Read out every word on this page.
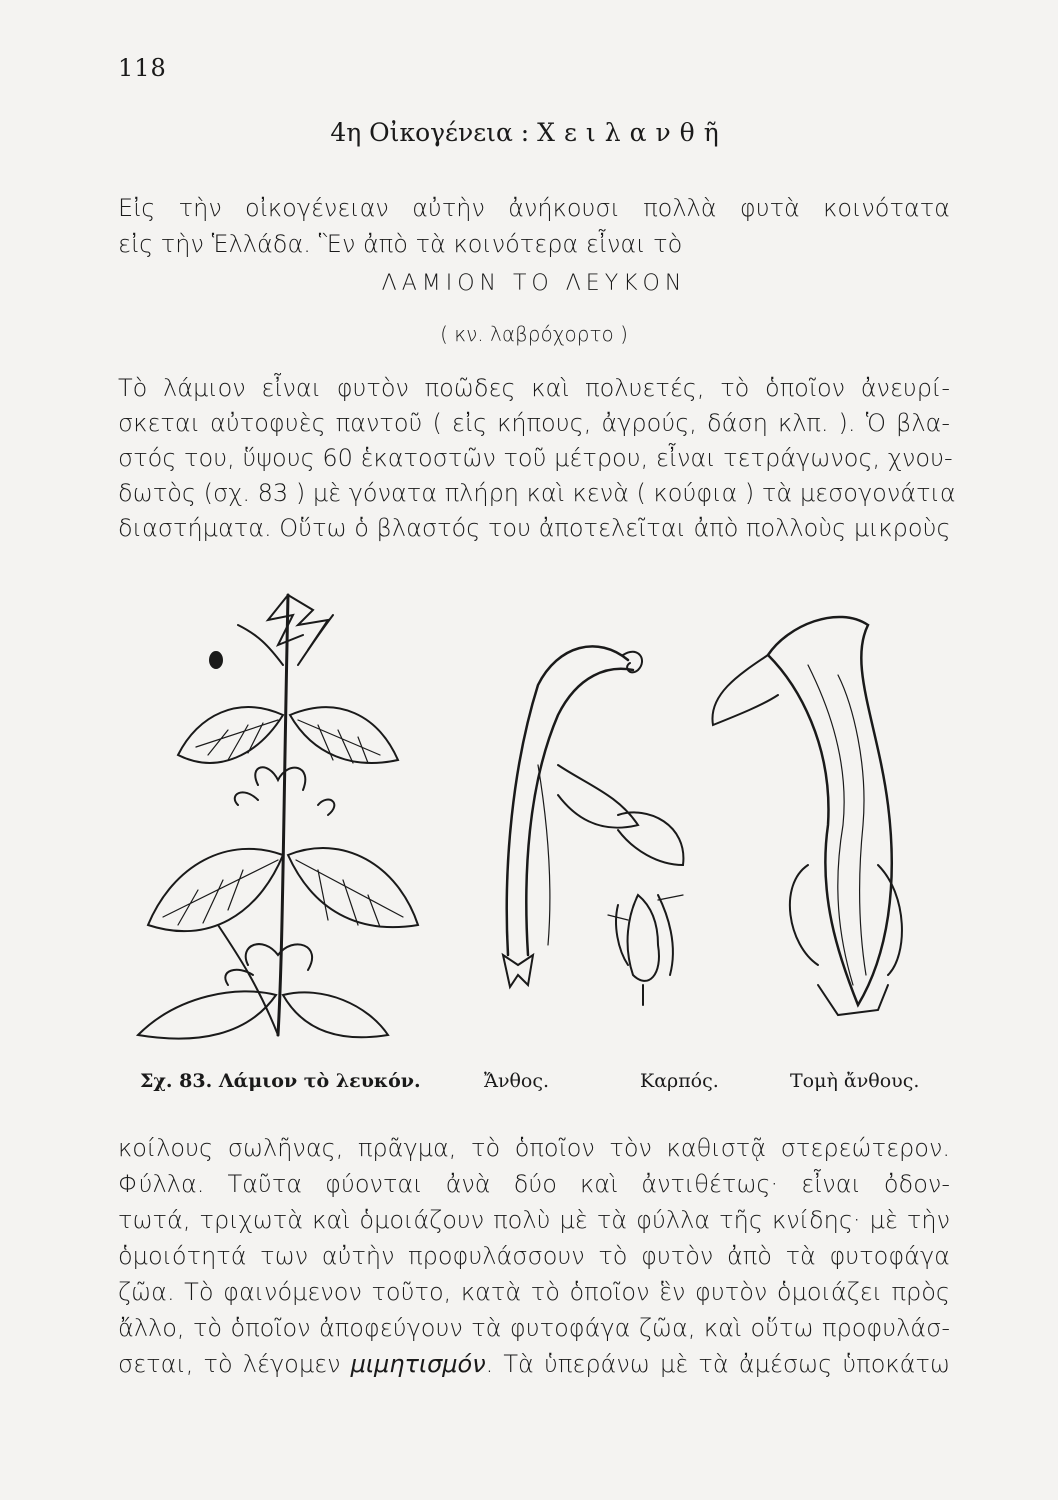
118
4η Οἰκογένεια : Χειλανθῆ
Εἰς τὴν οἰκογένειαν αὐτὴν ἀνήκουσι πολλὰ φυτὰ κοινότατα
εἰς τὴν Ἑλλάδα. Ἓν ἀπὸ τὰ κοινότερα εἶναι τὸ
ΛΑΜΙΟΝ ΤΟ ΛΕΥΚΟΝ
( κν. λαβρόχορτο )
Τὸ λάμιον εἶναι φυτὸν ποῶδες καὶ πολυετές, τὸ ὁποῖον ἀνευρί-
σκεται αὐτοφυὲς παντοῦ ( εἰς κήπους, ἀγρούς, δάση κλπ. ). Ὁ βλα-
στός του, ὕψους 60 ἑκατοστῶν τοῦ μέτρου, εἶναι τετράγωνος, χνου-
δωτὸς (σχ. 83 ) μὲ γόνατα πλήρη καὶ κενὰ ( κούφια ) τὰ μεσογονάτια
διαστήματα. Οὕτω ὁ βλαστός του ἀποτελεῖται ἀπὸ πολλοὺς μικροὺς
Σχ. 83. Λάμιον τὸ λευκόν.	Ἄνθος.	Καρπός.	Τομὴ ἄνθους.
κοίλους σωλῆνας, πρᾶγμα, τὸ ὁποῖον τὸν καθιστᾷ στερεώτερον.
Φύλλα. Ταῦτα φύονται ἀνὰ δύο καὶ ἀντιθέτως· εἶναι ὀδον-
τωτά, τριχωτὰ καὶ ὁμοιάζουν πολὺ μὲ τὰ φύλλα τῆς κνίδης· μὲ τὴν
ὁμοιότητά των αὐτὴν προφυλάσσουν τὸ φυτὸν ἀπὸ τὰ φυτοφάγα
ζῶα. Τὸ φαινόμενον τοῦτο, κατὰ τὸ ὁποῖον ἓν φυτὸν ὁμοιάζει πρὸς
ἄλλο, τὸ ὁποῖον ἀποφεύγουν τὰ φυτοφάγα ζῶα, καὶ οὕτω προφυλάσ-
σεται, τὸ λέγομεν μιμητισμόν. Τὰ ὑπεράνω μὲ τὰ ἀμέσως ὑποκάτω
